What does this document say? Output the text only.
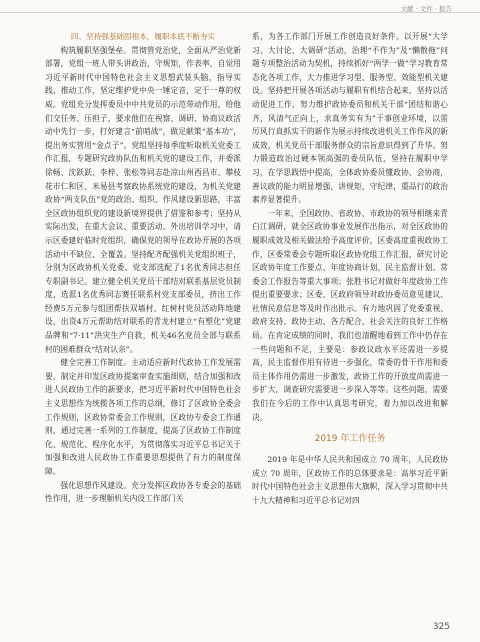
文献 · 文件 · 报告
四、坚持强基础固根本，履职本底不断夯实

构筑履职坚强堡垒。贯彻管党治党，全面从严治党新部署，党组一班人带头讲政治，守规矩，作表率，自觉用习近平新时代中国特色社会主义思想武装头脑，指导实践、推动工作，坚定维护党中央一锤定音，定于一尊的权威。党组充分发挥委员中中共党员的示范带动作用，给他们交任务、压担子，要求他们在视察、调研、协商议政活动中先行一步，打好建言“前哨战”，做足献策“基本功”，提出务实管用“金点子”。党组坚持每季度听取机关党委工作汇报，专题研究政协队伍和机关党的建设工作，并委派徐畅、沈跃跃、李梓、张松等同志赴凉山州西昌市、攀枝花市仁和区、米易县考察政协系统党的建设，为机关党建政协“两支队伍”党的政治、组织、作风建设新思路，丰富全区政协组织党的建设新境界提供了借鉴和参考；坚持从实际出发，在重大会议、重要活动、外出培训学习中，请示区委建好临时党组织，确保党的领导在政协开展的各项活动中不缺位、全覆盖。坚持配齐配强机关党组织班子，分别为区政协机关党委、党支部选配了1名优秀同志担任专职副书记。建立健全机关党员干部结对联系基层党员制度，选派1名优秀同志赛任联系村党支部委员，挤出工作经费5万元参与组团帮扶双墙村、红树村党员活动阵地建设，出资4万元帮助结对联系的青龙村建立“有塑化”党建品牌和“7·11”洪灾生产自救，机关46名党员全部与联系村的困难群众“结对认亲”。

健全完善工作制度。主动适应新时代政协工作发展需要，制定并印发区政协提案审查实施细则，结合加强和改进人民政协工作的新要求，把习近平新时代中国特色社会主义思想作为统揽各项工作的总纲，修订了区政协全委会工作规则，区政协常委会工作规则，区政协专委会工作通则，通过完善一系列的工作制度，提高了区政协工作制度化、规范化、程序化水平，为贯彻落实习近平总书记关于加强和改进人民政协工作重要思想提供了有力的制度保障。

强化思想作风建设。充分发挥区政协各专委会的基础性作用，进一步理顺机关内设工作部门关

系，为各工作部门开展工作创造良好条件。以开展“大学习、大讨论、大调研”活动，治理“不作为”及“懒散拖”问题专项整治活动为契机，持续抓好“两学一做”学习教育常态化各项工作，大力推进学习型、服务型、效能型机关建设。坚持把开展各项活动与履职有机结合起来，坚持以活动促进工作，努力维护政协委员和机关干部“团结和谐心齐，风清气正向上，求真务实有为”干事创业环境，以雷厉风行真抓实干的新作为展示持续改进机关工作作风的新成效，机关党员干部服务群众的宗旨意识得到了升华。努力锻造政治过硬本领高强的委员队伍，坚持在履职中学习，在学思践悟中提高，全体政协委员懂政协、会协商，善议政的能力明显增强，讲规矩，守纪律，重品行的政治素养显著提升。

一年来，全国政协、省政协、市政协的领导相继来青白江调研，就全区政协事业发展作出指示，对全区政协的履职成效及相关做法给予高度评价，区委高度重视政协工作，区委常委会专题听取区政协党组工作汇报，研究讨论区政协年度工作要点、年度协商计划、民主监督计划、常委会工作报告等重大事项；张胜书记对做好年度政协工作提出重要要求；区委、区政府领导对政协委员意见建议、社情民意信息等及时作出批示。有力地巩固了党委重视、政府支持、政协主动、各方配合、社会关注的良好工作格局。在肯定成绩的同时，我们也清醒地看到工作中仍存在一些问题和不足，主要是：参政议政水平还需进一步提高，民主监督作用有待进一步强化，常委的骨干作用和委员主体作用仍需进一步激发，政协工作的开放度尚需进一步扩大，调查研究需要进一步深入等等。这些问题，需要我们在今后的工作中认真思考研究，着力加以改进和解决。

2019 年工作任务

2019 年是中华人民共和国成立 70 周年，人民政协成立 70 周年，区政协工作的总体要求是：高举习近平新时代中国特色社会主义思想伟大旗帜，深入学习贯彻中共十九大精神和习近平总书记对四

325
